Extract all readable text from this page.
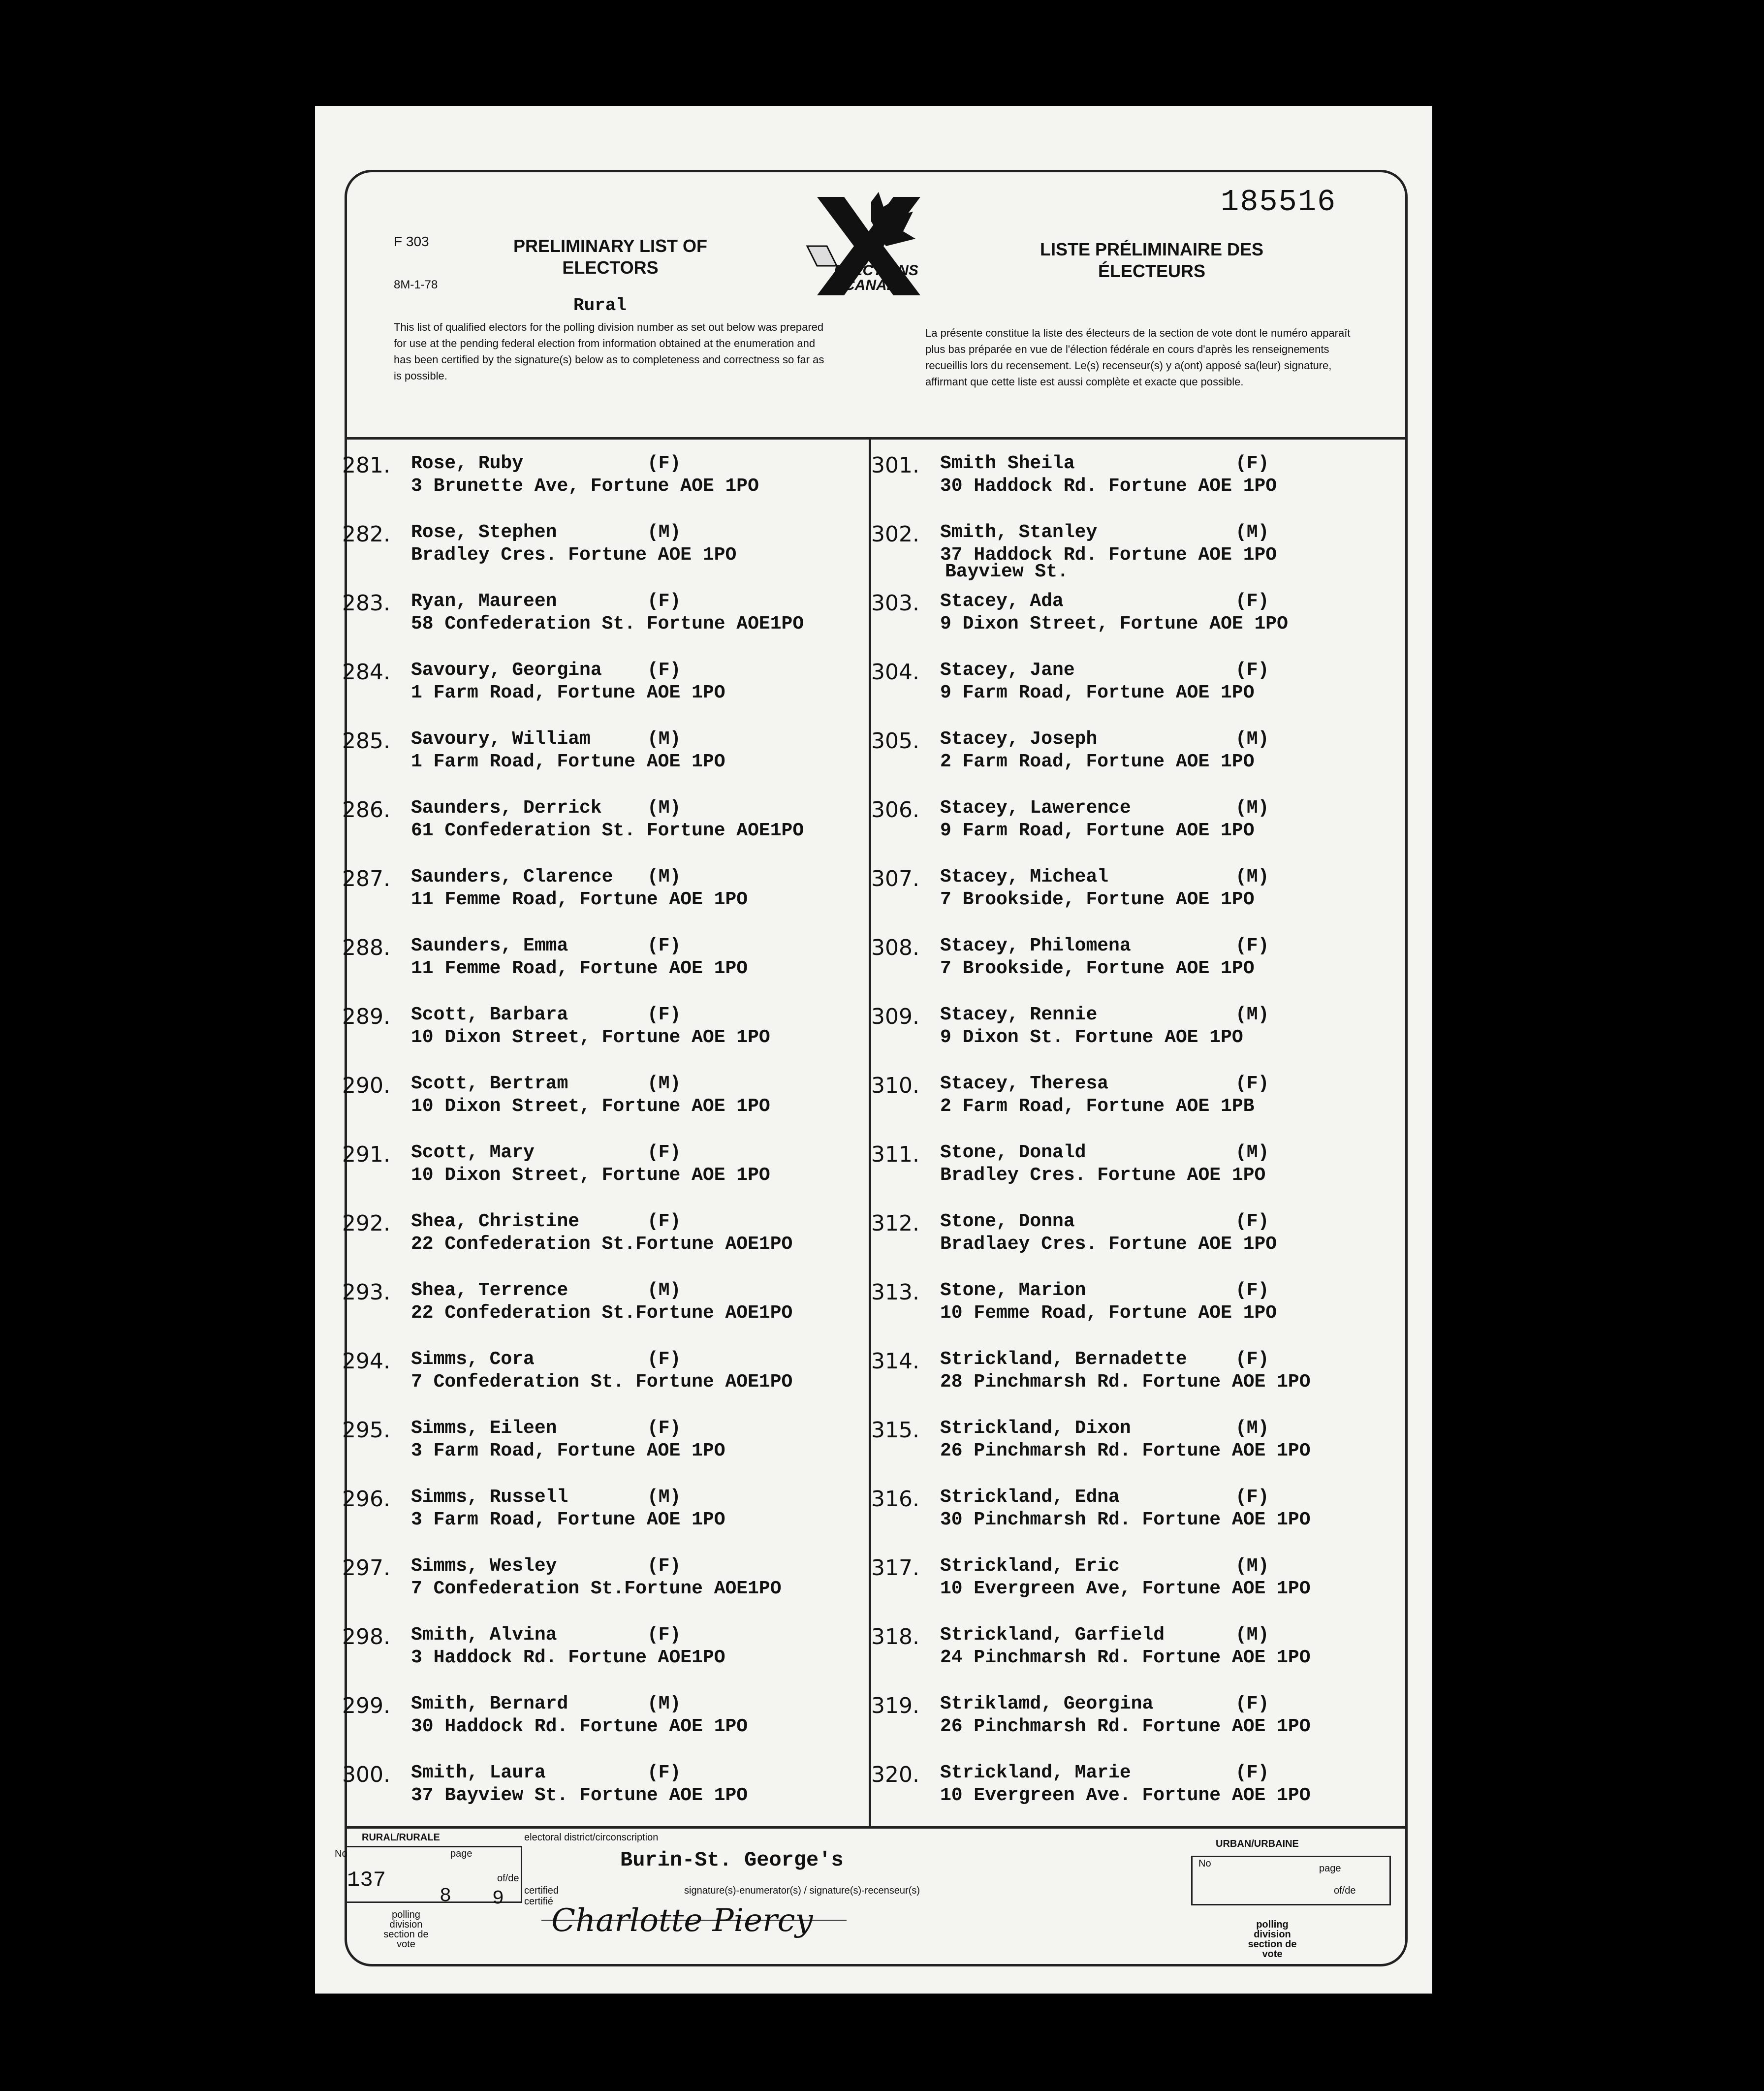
F 303
8M-1-78
PRELIMINARY LIST OF ELECTORS
Rural
This list of qualified electors for the polling division number as set out below was prepared for use at the pending federal election from information obtained at the enumeration and has been certified by the signature(s) below as to completeness and correctness so far as is possible.
ELECTIONS CANADA
185516
LISTE PRÉLIMINAIRE DES ÉLECTEURS
La présente constitue la liste des électeurs de la section de vote dont le numéro apparaît plus bas préparée en vue de l'élection fédérale en cours d'après les renseignements recueillis lors du recensement. Le(s) recenseur(s) y a(ont) apposé sa(leur) signature, affirmant que cette liste est aussi complète et exacte que possible.
281. Rose, Ruby	(F)
3 Brunette Ave, Fortune AOE 1PO
282. Rose, Stephen	(M)
Bradley Cres. Fortune AOE 1PO
283. Ryan, Maureen	(F)
58 Confederation St. Fortune AOE1PO
284. Savoury, Georgina (F)
1 Farm Road, Fortune AOE 1PO
285. Savoury, William	(M)
1 Farm Road, Fortune AOE 1PO
286. Saunders, Derrick (M)
61 Confederation St. Fortune AOE1PO
287. Saunders, Clarence (M)
11 Femme Road, Fortune AOE 1PO
288. Saunders, Emma	(F)
11 Femme Road, Fortune AOE 1PO
289. Scott, Barbara	(F)
10 Dixon Street, Fortune AOE 1PO
290. Scott, Bertram	(M)
10 Dixon Street, Fortune AOE 1PO
291. Scott, Mary	(F)
10 Dixon Street, Fortune AOE 1PO
292. Shea, Christine	(F)
22 Confederation St.Fortune AOE1PO
293. Shea, Terrence	(M)
22 Confederation St.Fortune AOE1PO
294. Simms, Cora	(F)
7 Confederation St. Fortune AOE1PO
295. Simms, Eileen	(F)
3 Farm Road, Fortune AOE 1PO
296. Simms, Russell	(M)
3 Farm Road, Fortune AOE 1PO
297. Simms, Wesley	(F)
7 Confederation St.Fortune AOE1PO
298. Smith, Alvina	(F)
3 Haddock Rd. Fortune AOE1PO
299. Smith, Bernard	(M)
30 Haddock Rd. Fortune AOE 1PO
300. Smith, Laura	(F)
37 Bayview St. Fortune AOE 1PO
301. Smith Sheila	(F)
30 Haddock Rd. Fortune AOE 1PO
302. Smith, Stanley	(M)
37 Haddock Rd. Fortune AOE 1PO
Bayview St.
303. Stacey, Ada	(F)
9 Dixon Street, Fortune AOE 1PO
304. Stacey, Jane	(F)
9 Farm Road, Fortune AOE 1PO
305. Stacey, Joseph	(M)
2 Farm Road, Fortune AOE 1PO
306. Stacey, Lawerence	(M)
9 Farm Road, Fortune AOE 1PO
307. Stacey, Micheal	(M)
7 Brookside, Fortune AOE 1PO
308. Stacey, Philomena	(F)
7 Brookside, Fortune AOE 1PO
309. Stacey, Rennie	(M)
9 Dixon St. Fortune AOE 1PO
310. Stacey, Theresa	(F)
2 Farm Road, Fortune AOE 1PB
311. Stone, Donald	(M)
Bradley Cres. Fortune AOE 1PO
312. Stone, Donna	(F)
Bradlaey Cres. Fortune AOE 1PO
313. Stone, Marion	(F)
10 Femme Road, Fortune AOE 1PO
314. Strickland, Bernadette	(F)
28 Pinchmarsh Rd. Fortune AOE 1PO
315. Strickland, Dixon	(M)
26 Pinchmarsh Rd. Fortune AOE 1PO
316. Strickland, Edna	(F)
30 Pinchmarsh Rd. Fortune AOE 1PO
317. Strickland, Eric	(M)
10 Evergreen Ave, Fortune AOE 1PO
318. Strickland, Garfield	(M)
24 Pinchmarsh Rd. Fortune AOE 1PO
319. Striklamd, Georgina	(F)
26 Pinchmarsh Rd. Fortune AOE 1PO
320. Strickland, Marie	(F)
10 Evergreen Ave. Fortune AOE 1PO
RURAL/RURALE
No	page
of/de
137
8 9
polling division section de vote
electoral district/circonscription
Burin-St. George's
certified certifié
signature(s)-enumerator(s) / signature(s)-recenseur(s)
Charlotte Piercy
URBAN/URBAINE
No	page
of/de
polling division section de vote
